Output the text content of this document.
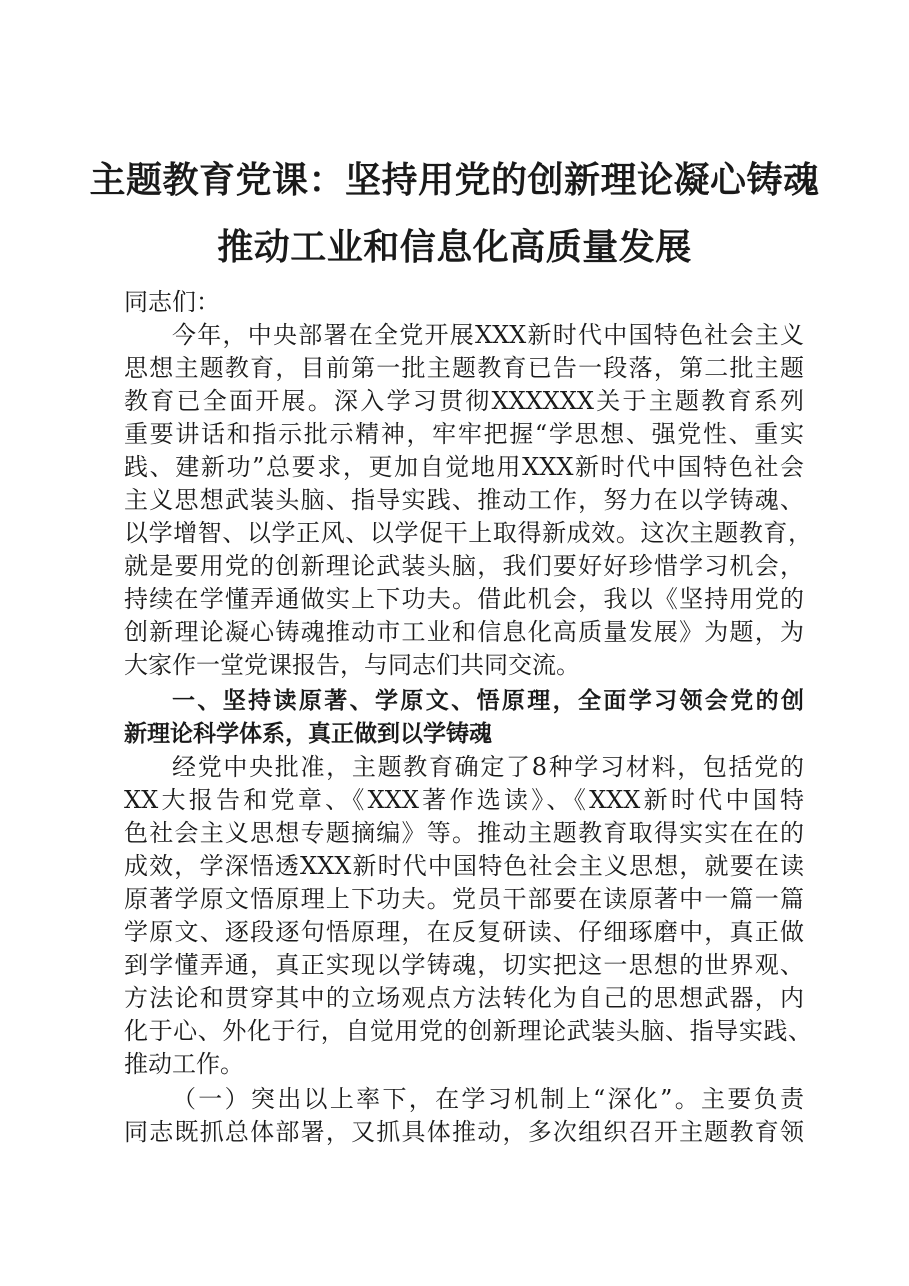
主题教育党课：坚持用党的创新理论凝心铸魂
推动工业和信息化高质量发展

同志们：

今年，中央部署在全党开展XXX新时代中国特色社会主义

思想主题教育，目前第一批主题教育已告一段落，第二批主题

教育已全面开展。深入学习贯彻XXXXXX关于主题教育系列

重要讲话和指示批示精神，牢牢把握“学思想、强党性、重实

践、建新功”总要求，更加自觉地用XXX新时代中国特色社会

主义思想武装头脑、指导实践、推动工作，努力在以学铸魂、

以学增智、以学正风、以学促干上取得新成效。这次主题教育，

就是要用党的创新理论武装头脑，我们要好好珍惜学习机会，

持续在学懂弄通做实上下功夫。借此机会，我以《坚持用党的

创新理论凝心铸魂推动市工业和信息化高质量发展》为题，为

大家作一堂党课报告，与同志们共同交流。

一、坚持读原著、学原文、悟原理，全面学习领会党的创

新理论科学体系，真正做到以学铸魂

经党中央批准，主题教育确定了8种学习材料，包括党的

XX大报告和党章、《XXX著作选读》、《XXX新时代中国特

色社会主义思想专题摘编》等。推动主题教育取得实实在在的

成效，学深悟透XXX新时代中国特色社会主义思想，就要在读

原著学原文悟原理上下功夫。党员干部要在读原著中一篇一篇

学原文、逐段逐句悟原理，在反复研读、仔细琢磨中，真正做

到学懂弄通，真正实现以学铸魂，切实把这一思想的世界观、

方法论和贯穿其中的立场观点方法转化为自己的思想武器，内

化于心、外化于行，自觉用党的创新理论武装头脑、指导实践、

推动工作。

（一）突出以上率下，在学习机制上“深化”。主要负责

同志既抓总体部署，又抓具体推动，多次组织召开主题教育领
